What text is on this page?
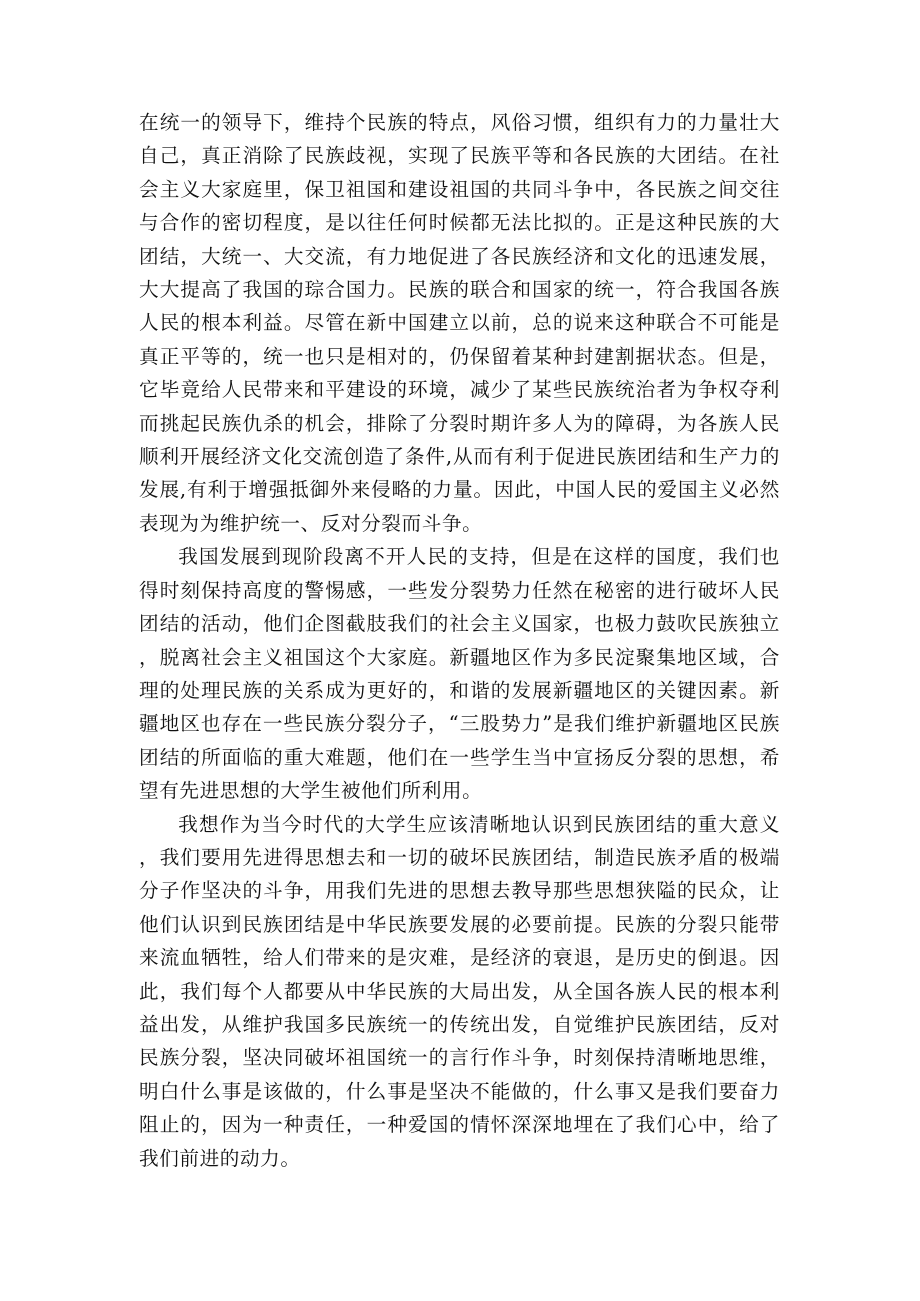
在统一的领导下，维持个民族的特点，风俗习惯，组织有力的力量壮大自己，真正消除了民族歧视，实现了民族平等和各民族的大团结。在社会主义大家庭里，保卫祖国和建设祖国的共同斗争中，各民族之间交往与合作的密切程度，是以往任何时候都无法比拟的。正是这种民族的大团结，大统一、大交流，有力地促进了各民族经济和文化的迅速发展，大大提高了我国的琮合国力。民族的联合和国家的统一，符合我国各族人民的根本利益。尽管在新中国建立以前，总的说来这种联合不可能是真正平等的，统一也只是相对的，仍保留着某种封建割据状态。但是，它毕竟给人民带来和平建设的环境，减少了某些民族统治者为争权夺利而挑起民族仇杀的机会，排除了分裂时期许多人为的障碍，为各族人民顺利开展经济文化交流创造了条件,从而有利于促进民族团结和生产力的发展,有利于增强抵御外来侵略的力量。因此，中国人民的爱国主义必然表现为为维护统一、反对分裂而斗争。

我国发展到现阶段离不开人民的支持，但是在这样的国度，我们也得时刻保持高度的警惕感，一些发分裂势力任然在秘密的进行破坏人民团结的活动，他们企图截肢我们的社会主义国家，也极力鼓吹民族独立，脱离社会主义祖国这个大家庭。新疆地区作为多民淀聚集地区域，合理的处理民族的关系成为更好的，和谐的发展新疆地区的关键因素。新疆地区也存在一些民族分裂分子，“三股势力”是我们维护新疆地区民族团结的所面临的重大难题，他们在一些学生当中宣扬反分裂的思想，希望有先进思想的大学生被他们所利用。

我想作为当今时代的大学生应该清晰地认识到民族团结的重大意义，我们要用先进得思想去和一切的破坏民族团结，制造民族矛盾的极端分子作坚决的斗争，用我们先进的思想去教导那些思想狭隘的民众，让他们认识到民族团结是中华民族要发展的必要前提。民族的分裂只能带来流血牺牲，给人们带来的是灾难，是经济的衰退，是历史的倒退。因此，我们每个人都要从中华民族的大局出发，从全国各族人民的根本利益出发，从维护我国多民族统一的传统出发，自觉维护民族团结，反对民族分裂，坚决同破坏祖国统一的言行作斗争，时刻保持清晰地思维，明白什么事是该做的，什么事是坚决不能做的，什么事又是我们要奋力阻止的，因为一种责任，一种爱国的情怀深深地埋在了我们心中，给了我们前进的动力。
